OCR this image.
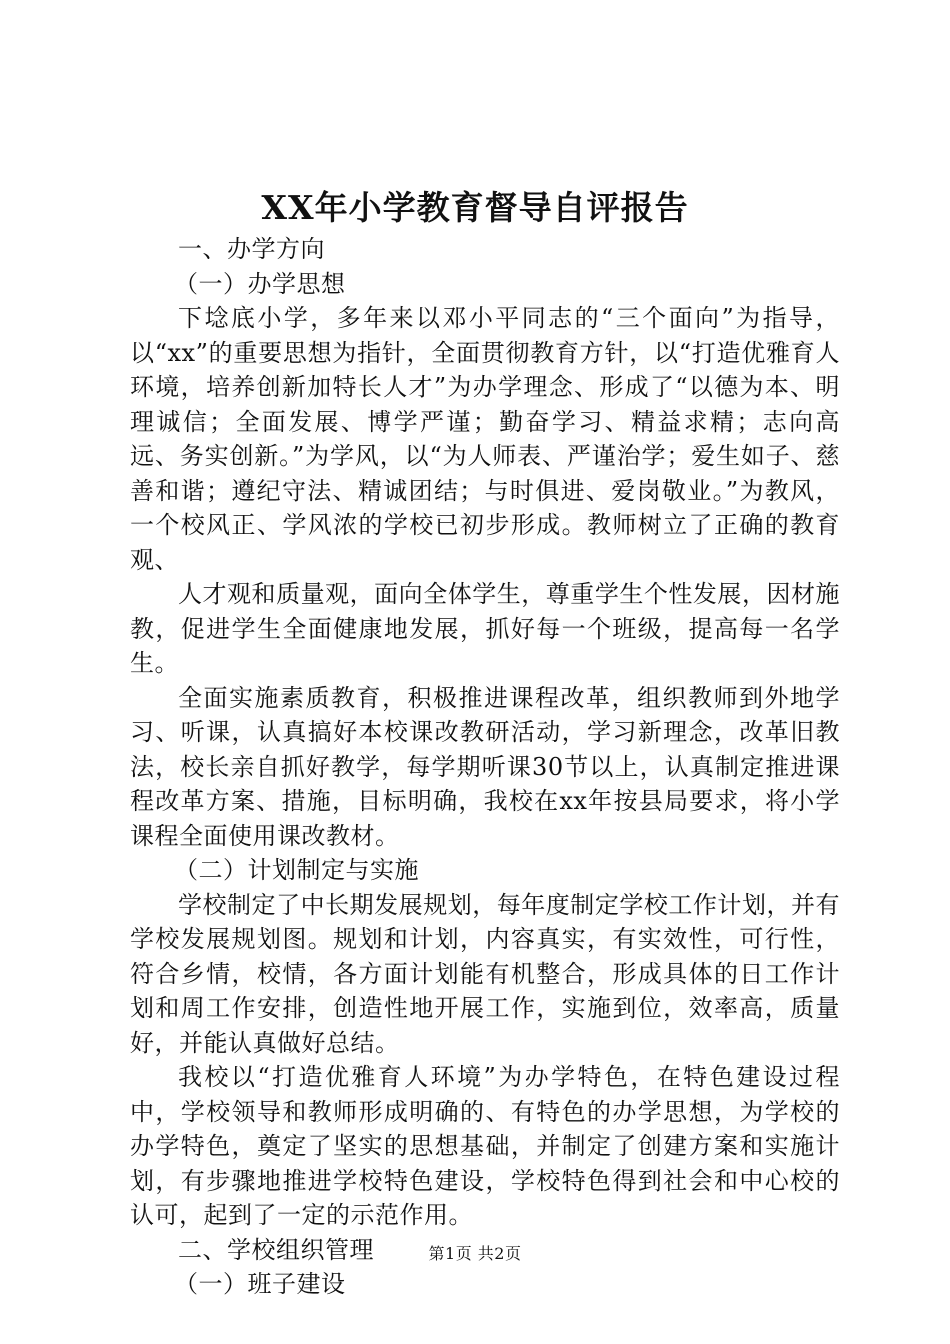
XX年小学教育督导自评报告

一、办学方向

（一）办学思想

下埝底小学，多年来以邓小平同志的“三个面向”为指导，以“xx”的重要思想为指针，全面贯彻教育方针，以“打造优雅育人环境，培养创新加特长人才”为办学理念、形成了“以德为本、明理诚信；全面发展、博学严谨；勤奋学习、精益求精；志向高远、务实创新。”为学风，以“为人师表、严谨治学；爱生如子、慈善和谐；遵纪守法、精诚团结；与时俱进、爱岗敬业。”为教风，一个校风正、学风浓的学校已初步形成。教师树立了正确的教育观、

人才观和质量观，面向全体学生，尊重学生个性发展，因材施教，促进学生全面健康地发展，抓好每一个班级，提高每一名学生。

全面实施素质教育，积极推进课程改革，组织教师到外地学习、听课，认真搞好本校课改教研活动，学习新理念，改革旧教法，校长亲自抓好教学，每学期听课30节以上，认真制定推进课程改革方案、措施，目标明确，我校在xx年按县局要求，将小学课程全面使用课改教材。

（二）计划制定与实施

学校制定了中长期发展规划，每年度制定学校工作计划，并有学校发展规划图。规划和计划，内容真实，有实效性，可行性，符合乡情，校情，各方面计划能有机整合，形成具体的日工作计划和周工作安排，创造性地开展工作，实施到位，效率高，质量好，并能认真做好总结。

我校以“打造优雅育人环境”为办学特色，在特色建设过程中，学校领导和教师形成明确的、有特色的办学思想，为学校的办学特色，奠定了坚实的思想基础，并制定了创建方案和实施计划，有步骤地推进学校特色建设，学校特色得到社会和中心校的认可，起到了一定的示范作用。

二、学校组织管理

（一）班子建设

第1页 共2页
